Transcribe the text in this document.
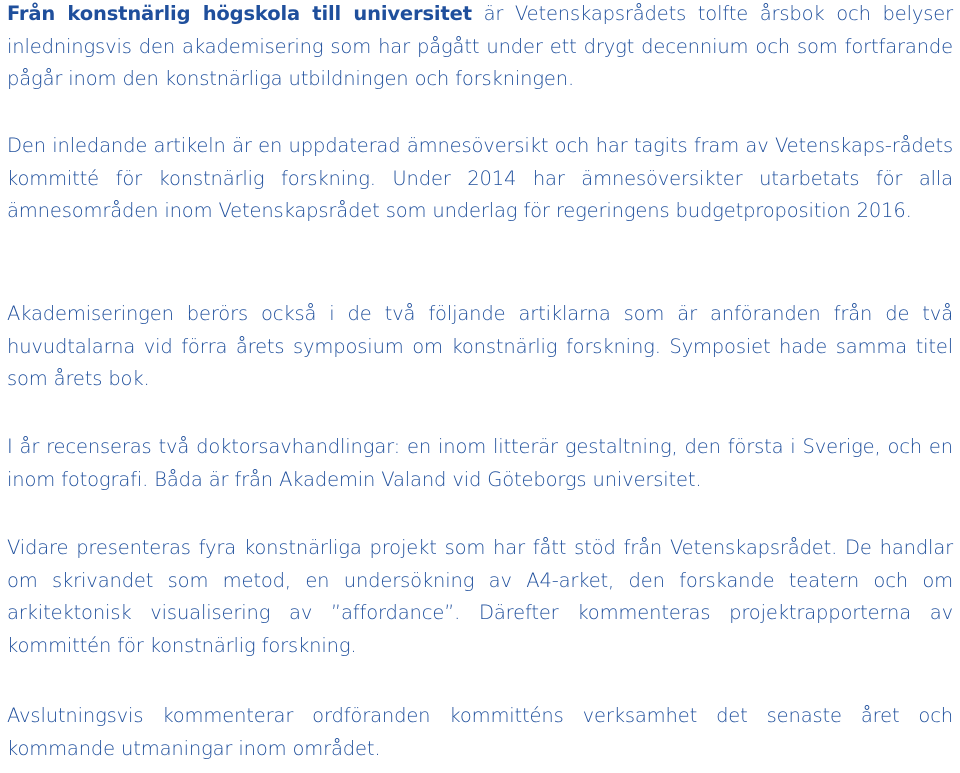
Från konstnärlig högskola till universitet är Vetenskapsrådets tolfte årsbok och belyser inledningsvis den akademisering som har pågått under ett drygt decennium och som fortfarande pågår inom den konstnärliga utbildningen och forskningen.

Den inledande artikeln är en uppdaterad ämnesöversikt och har tagits fram av Vetenskaps-rådets kommitté för konstnärlig forskning. Under 2014 har ämnesöversikter utarbetats för alla ämnesområden inom Vetenskapsrådet som underlag för regeringens budgetproposition 2016.

Akademiseringen berörs också i de två följande artiklarna som är anföranden från de två huvudtalarna vid förra årets symposium om konstnärlig forskning. Symposiet hade samma titel som årets bok.

I år recenseras två doktorsavhandlingar: en inom litterär gestaltning, den första i Sverige, och en inom fotografi. Båda är från Akademin Valand vid Göteborgs universitet.

Vidare presenteras fyra konstnärliga projekt som har fått stöd från Vetenskapsrådet. De handlar om skrivandet som metod, en undersökning av A4-arket, den forskande teatern och om arkitektonisk visualisering av ”affordance”. Därefter kommenteras projektrapporterna av kommittén för konstnärlig forskning.

Avslutningsvis kommenterar ordföranden kommitténs verksamhet det senaste året och kommande utmaningar inom området.
